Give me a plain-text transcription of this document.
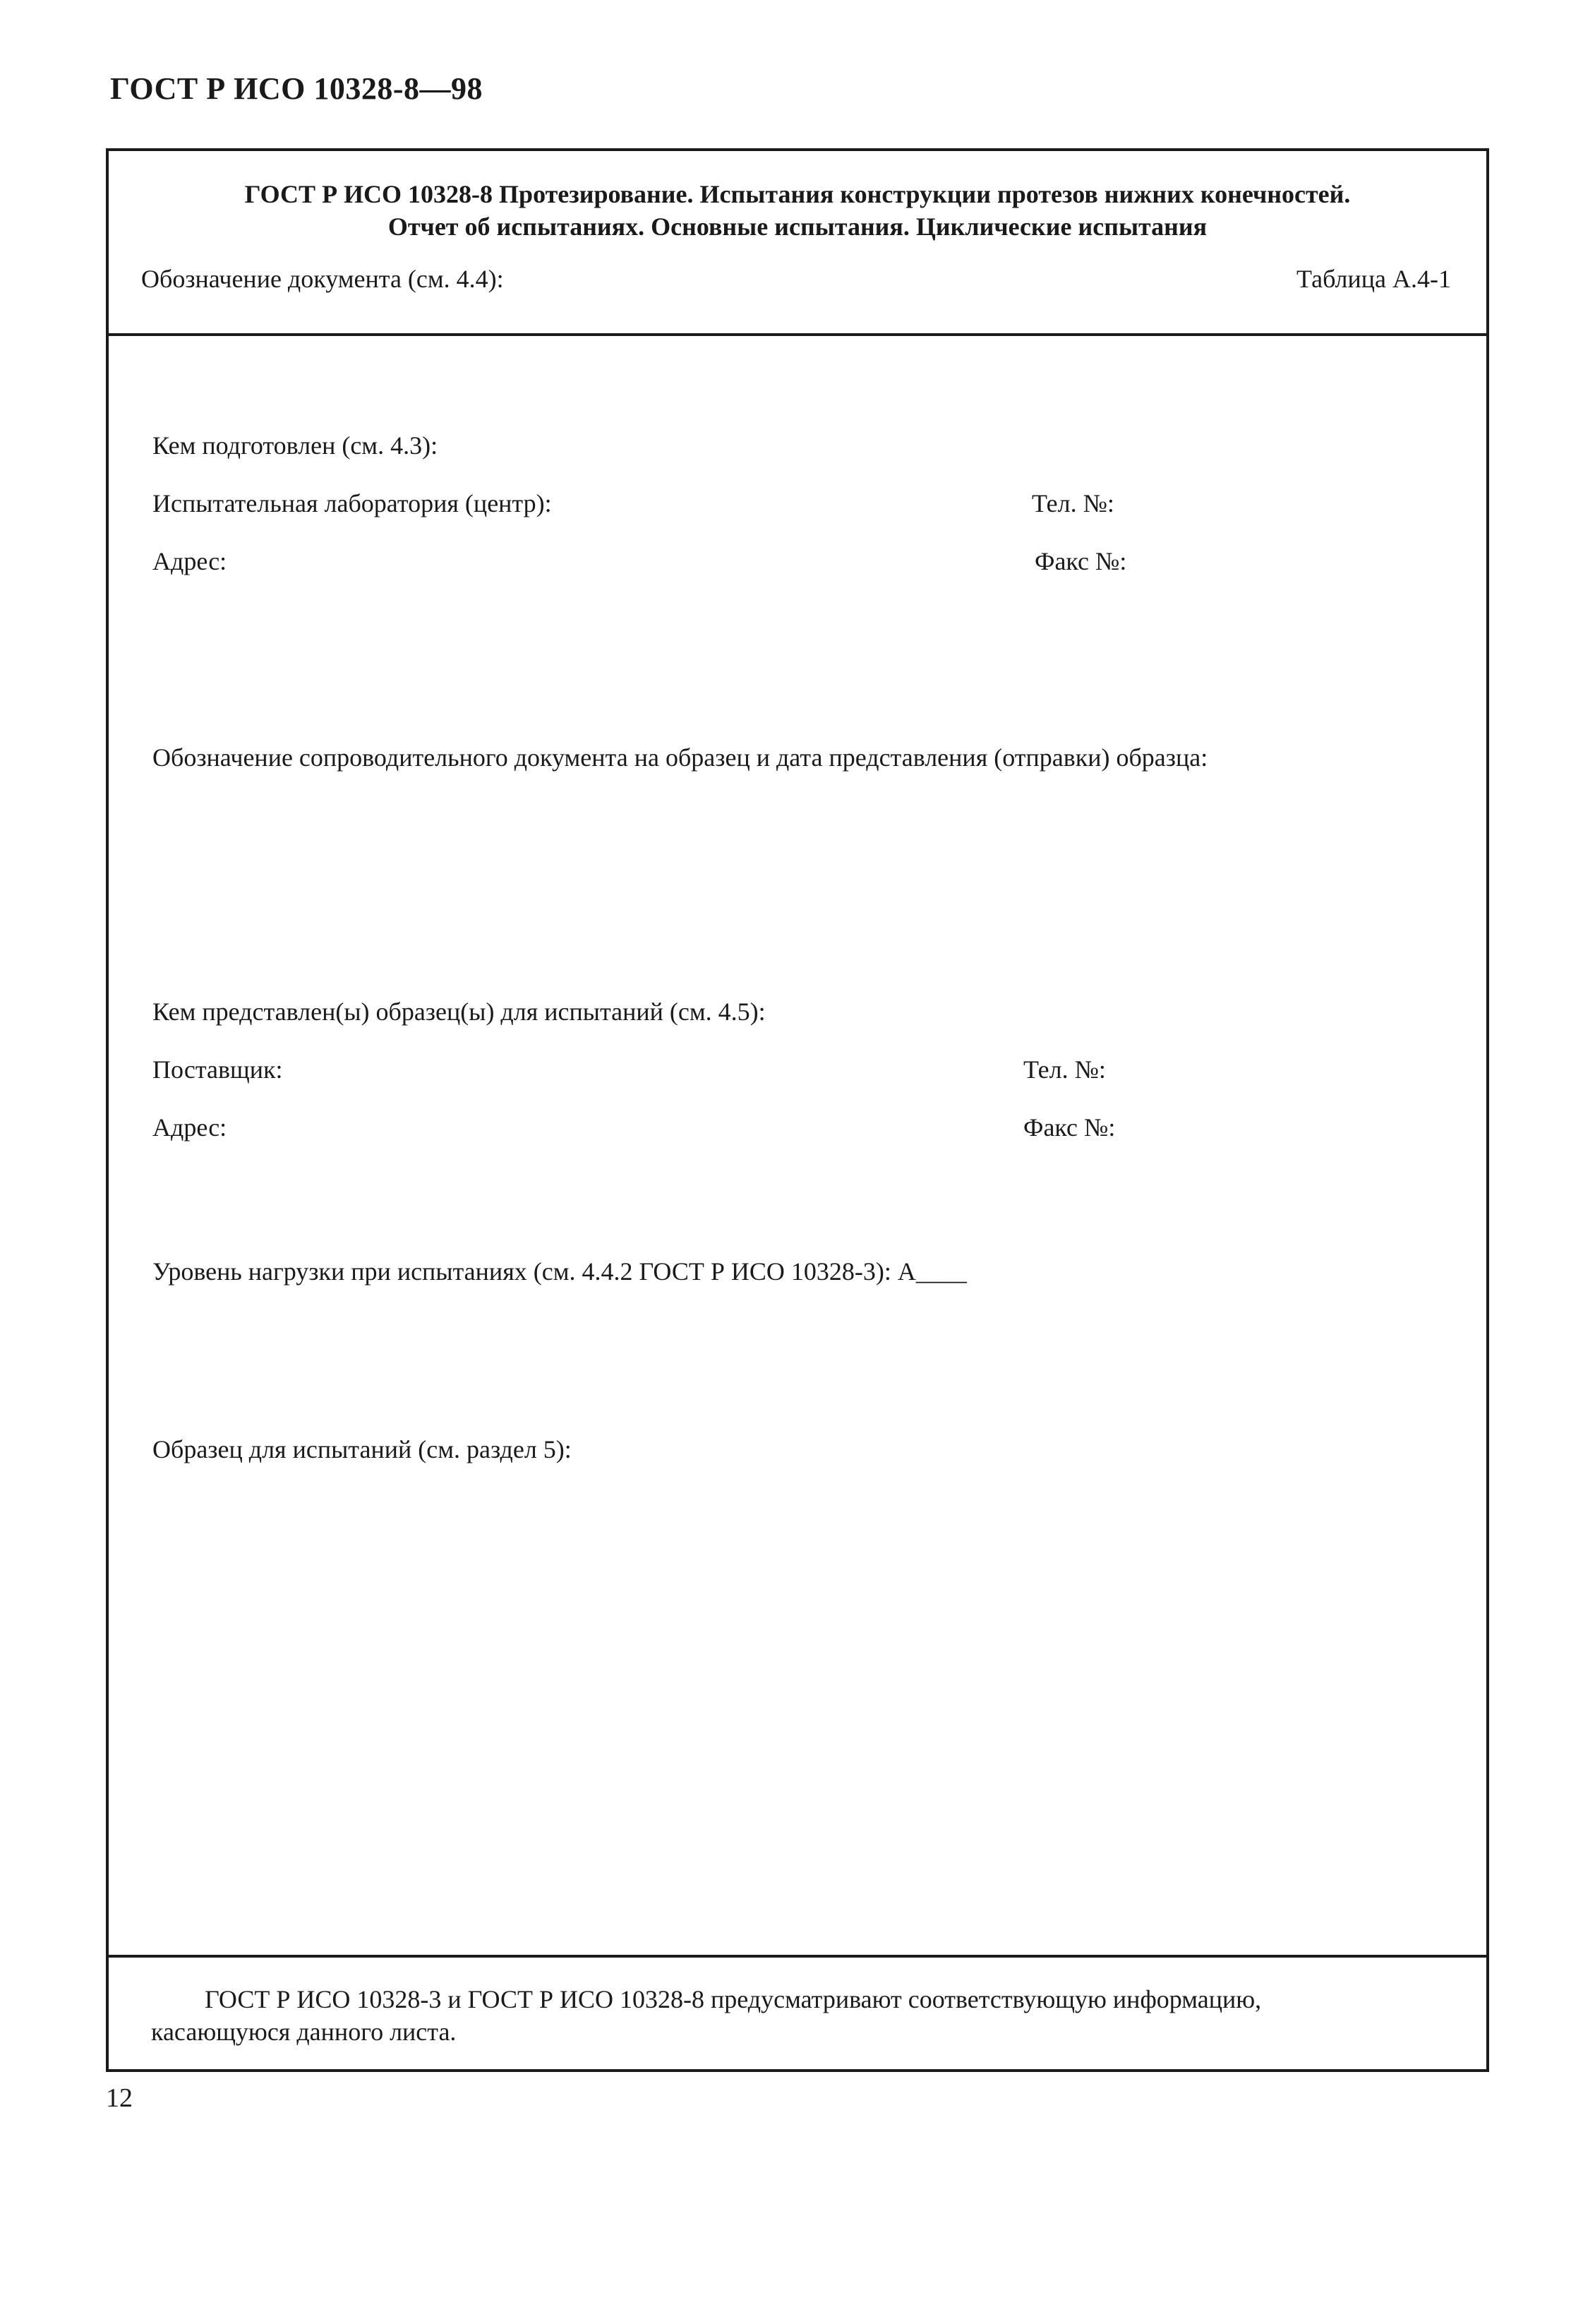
ГОСТ Р ИСО 10328-8—98
ГОСТ Р ИСО 10328-8 Протезирование. Испытания конструкции протезов нижних конечностей.
Отчет об испытаниях. Основные испытания. Циклические испытания
Обозначение документа (см. 4.4):	Таблица А.4-1
Кем подготовлен (см. 4.3):
Испытательная лаборатория (центр):	Тел. №:
Адрес:	Факс №:
Обозначение сопроводительного документа на образец и дата представления (отправки) образца:
Кем представлен(ы) образец(ы) для испытаний (см. 4.5):
Поставщик:	Тел. №:
Адрес:	Факс №:
Уровень нагрузки при испытаниях (см. 4.4.2 ГОСТ Р ИСО 10328-3): А____
Образец для испытаний (см. раздел 5):
ГОСТ Р ИСО 10328-3 и ГОСТ Р ИСО 10328-8 предусматривают соответствующую информацию,
касающуюся данного листа.
12
